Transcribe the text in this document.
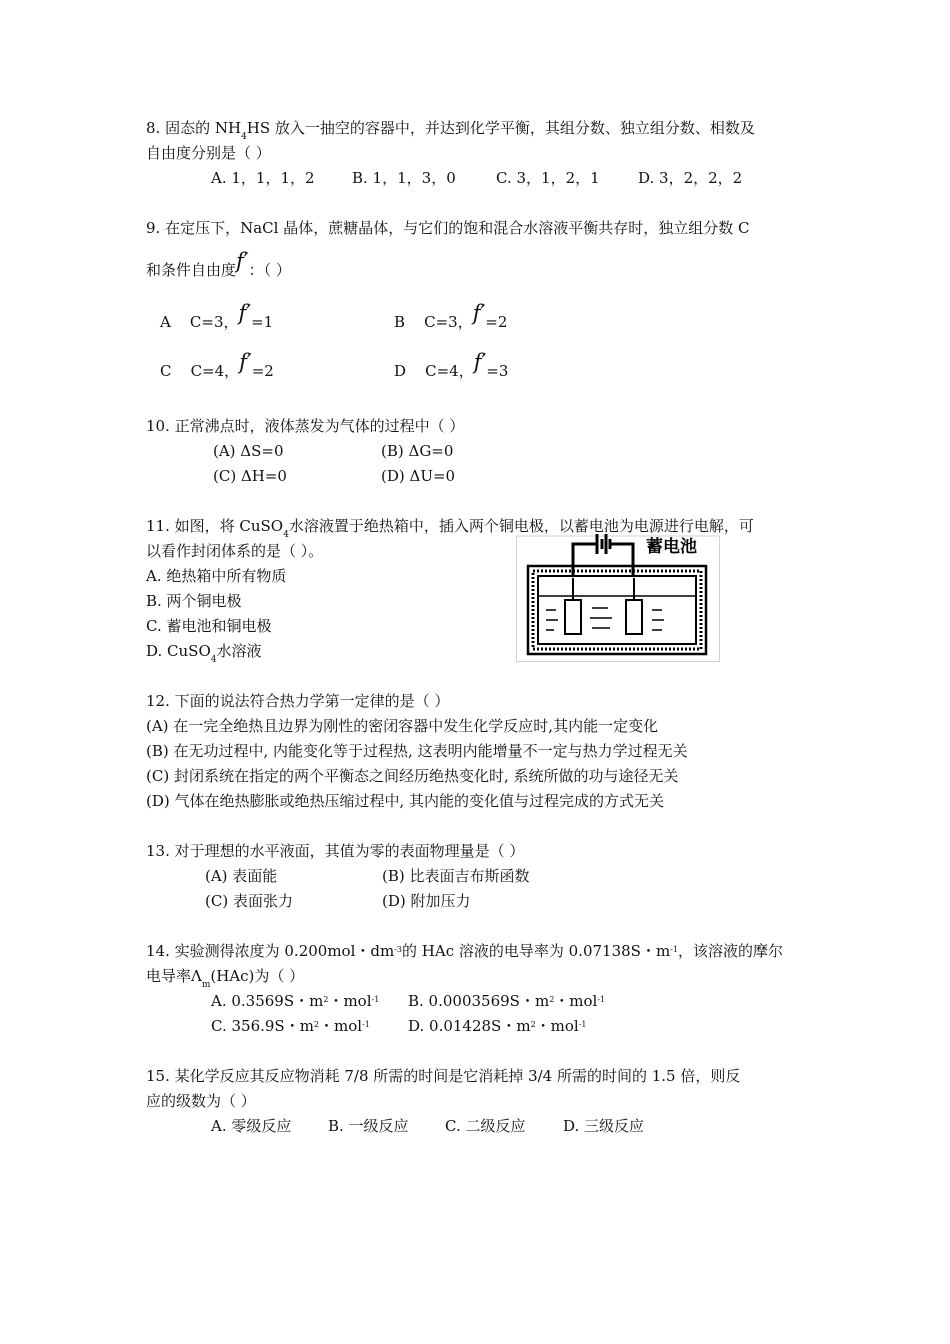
8. 固态的 $NH_4HS$ 放入一抽空的容器中，并达到化学平衡，其组分数、独立组分数、相数及
自由度分别是（ ）
A. 1，1，1，2 B. 1，1，3，0	C. 3，1，2，1	D. 3，2，2，2
9. 在定压下，NaCl 晶体，蔗糖晶体，与它们的饱和混合水溶液平衡共存时，独立组分数 C
和条件自由度f′：（ ）
A C=3，f′=1	B C=3，f′=2
C C=4，f′=2	D C=4，f′=3
10. 正常沸点时，液体蒸发为气体的过程中（ ）
(A) ΔS=0	(B) ΔG=0
(C) ΔH=0	(D) ΔU=0
11. 如图，将 CuSO$_4$水溶液置于绝热箱中，插入两个铜电极，以蓄电池为电源进行电解，可
以看作封闭体系的是（ ）。
A. 绝热箱中所有物质
B. 两个铜电极
C. 蓄电池和铜电极
D. CuSO$_4$水溶液
蓄电池
12. 下面的说法符合热力学第一定律的是（ ）
(A) 在一完全绝热且边界为刚性的密闭容器中发生化学反应时,其内能一定变化
(B) 在无功过程中, 内能变化等于过程热, 这表明内能增量不一定与热力学过程无关
(C) 封闭系统在指定的两个平衡态之间经历绝热变化时, 系统所做的功与途径无关
(D) 气体在绝热膨胀或绝热压缩过程中, 其内能的变化值与过程完成的方式无关
13. 对于理想的水平液面，其值为零的表面物理量是（ ）
(A) 表面能	(B) 比表面吉布斯函数
(C) 表面张力	(D) 附加压力
14. 实验测得浓度为 0.200mol・$dm^{-3}$的 HAc 溶液的电导率为 0.07138S・$m^{-1}$，该溶液的摩尔
电导率$\Lambda_m(HAc)$为（ ）
A. 0.3569S・$m^2$・mol$^{-1}$ B. 0.0003569S・$m^2$・mol$^{-1}$
C. 356.9S・$m^2$・mol$^{-1}$	D. 0.01428S・$m^2$・mol$^{-1}$
15. 某化学反应其反应物消耗 7/8 所需的时间是它消耗掉 3/4 所需的时间的 1.5 倍，则反
应的级数为（ ）
A. 零级反应 B. 一级反应 C. 二级反应	D. 三级反应
